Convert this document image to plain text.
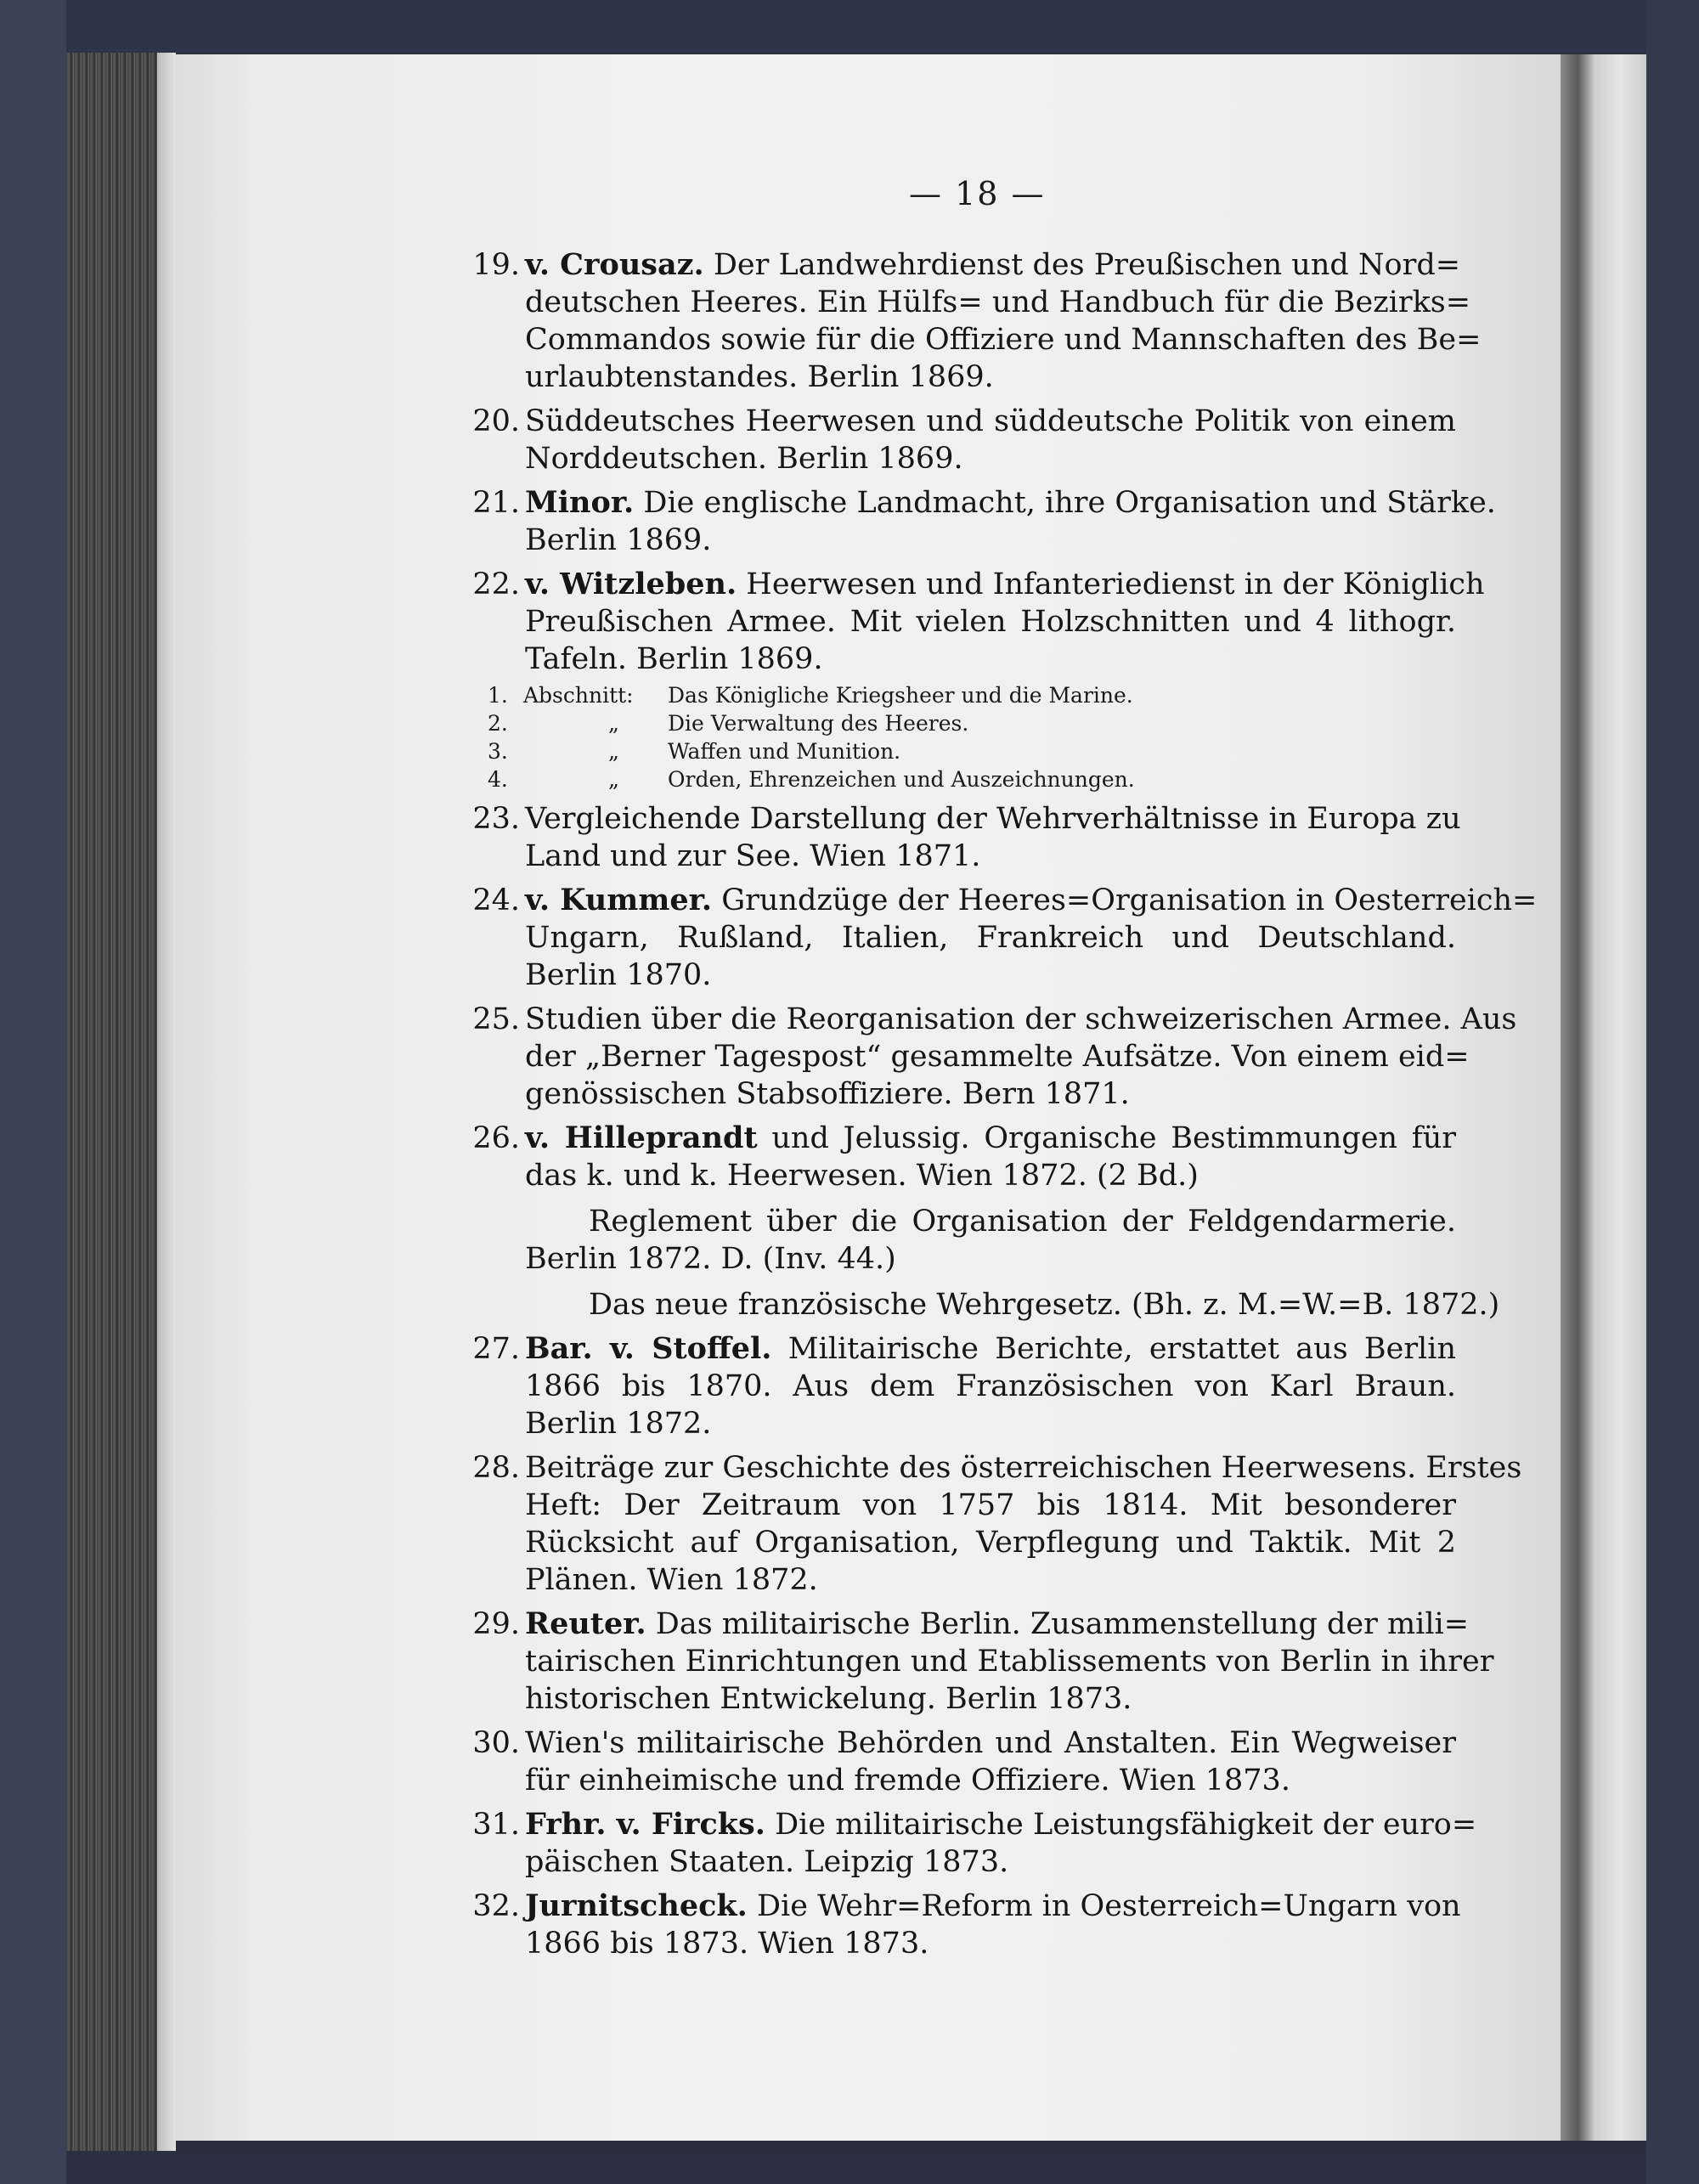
— 18 —
19. v. Crousaz. Der Landwehrdienst des Preußischen und Nord=
deutschen Heeres. Ein Hülfs= und Handbuch für die Bezirks=
Commandos sowie für die Offiziere und Mannschaften des Be=
urlaubtenstandes. Berlin 1869.
20. Süddeutsches Heerwesen und süddeutsche Politik von einem
Norddeutschen. Berlin 1869.
21. Minor. Die englische Landmacht, ihre Organisation und Stärke.
Berlin 1869.
22. v. Witzleben. Heerwesen und Infanteriedienst in der Königlich
Preußischen Armee. Mit vielen Holzschnitten und 4 lithogr.
Tafeln. Berlin 1869.
1. Abschnitt: Das Königliche Kriegsheer und die Marine.
2.	„ Die Verwaltung des Heeres.
3.	„ Waffen und Munition.
4.	„ Orden, Ehrenzeichen und Auszeichnungen.
23. Vergleichende Darstellung der Wehrverhältnisse in Europa zu
Land und zur See. Wien 1871.
24. v. Kummer. Grundzüge der Heeres=Organisation in Oesterreich=
Ungarn, Rußland, Italien, Frankreich und Deutschland.
Berlin 1870.
25. Studien über die Reorganisation der schweizerischen Armee. Aus
der „Berner Tagespost“ gesammelte Aufsätze. Von einem eid=
genössischen Stabsoffiziere. Bern 1871.
26. v. Hilleprandt und Jelussig. Organische Bestimmungen für
das k. und k. Heerwesen. Wien 1872. (2 Bd.)
Reglement über die Organisation der Feldgendarmerie.
Berlin 1872. D. (Inv. 44.)
Das neue französische Wehrgesetz. (Bh. z. M.=W.=B. 1872.)
27. Bar. v. Stoffel. Militairische Berichte, erstattet aus Berlin
1866 bis 1870. Aus dem Französischen von Karl Braun.
Berlin 1872.
28. Beiträge zur Geschichte des österreichischen Heerwesens. Erstes
Heft: Der Zeitraum von 1757 bis 1814. Mit besonderer
Rücksicht auf Organisation, Verpflegung und Taktik. Mit 2
Plänen. Wien 1872.
29. Reuter. Das militairische Berlin. Zusammenstellung der mili=
tairischen Einrichtungen und Etablissements von Berlin in ihrer
historischen Entwickelung. Berlin 1873.
30. Wien's militairische Behörden und Anstalten. Ein Wegweiser
für einheimische und fremde Offiziere. Wien 1873.
31. Frhr. v. Fircks. Die militairische Leistungsfähigkeit der euro=
päischen Staaten. Leipzig 1873.
32. Jurnitscheck. Die Wehr=Reform in Oesterreich=Ungarn von
1866 bis 1873. Wien 1873.
